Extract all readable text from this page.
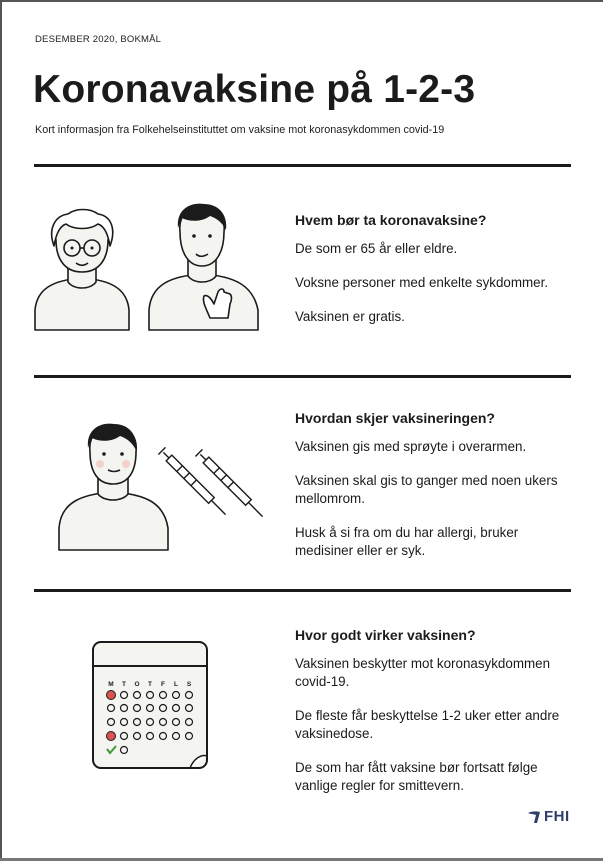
DESEMBER 2020, BOKMÅL
Koronavaksine på 1-2-3
Kort informasjon fra Folkehelseinstituttet om vaksine mot koronasykdommen covid-19
Hvem bør ta koronavaksine?

De som er 65 år eller eldre.

Voksne personer med enkelte sykdommer.

Vaksinen er gratis.

Hvordan skjer vaksineringen?

Vaksinen gis med sprøyte i overarmen.

Vaksinen skal gis to ganger med noen ukers mellomrom.

Husk å si fra om du har allergi, bruker medisiner eller er syk.

M T O T F L S
Hvor godt virker vaksinen?

Vaksinen beskytter mot koronasykdommen covid-19.

De fleste får beskyttelse 1-2 uker etter andre vaksinedose.

De som har fått vaksine bør fortsatt følge vanlige regler for smittevern.

FHI
